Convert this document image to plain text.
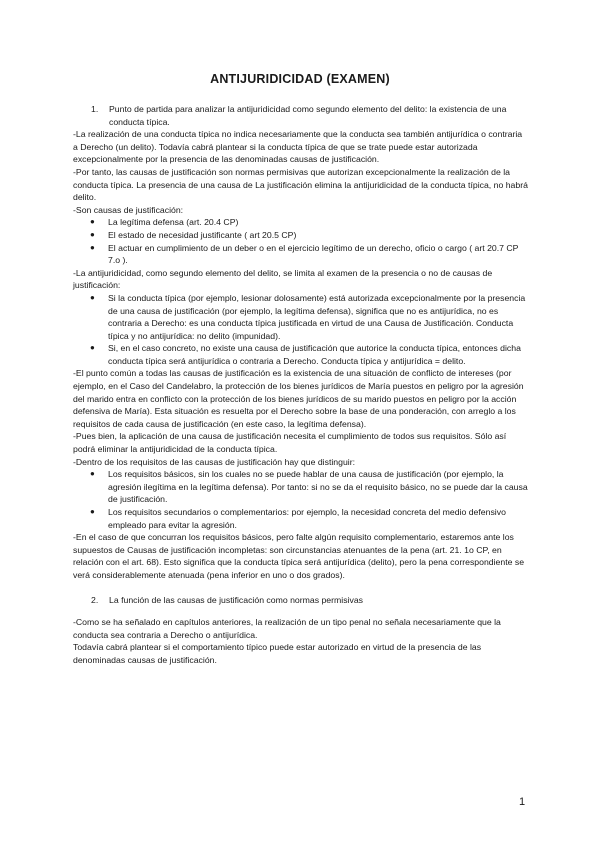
ANTIJURIDICIDAD (EXAMEN)
1. Punto de partida para analizar la antijuridicidad como segundo elemento del delito: la existencia de una conducta típica.
-La realización de una conducta típica no indica necesariamente que la conducta sea también antijurídica o contraria a Derecho (un delito). Todavía cabrá plantear si la conducta típica de que se trate puede estar autorizada excepcionalmente por la presencia de las denominadas causas de justificación.
-Por tanto, las causas de justificación son normas permisivas que autorizan excepcionalmente la realización de la conducta típica. La presencia de una causa de La justificación elimina la antijuridicidad de la conducta típica, no habrá delito.
-Son causas de justificación:
● La legítima defensa (art. 20.4 CP)
● El estado de necesidad justificante ( art 20.5 CP)
● El actuar en cumplimiento de un deber o en el ejercicio legítimo de un derecho, oficio o cargo ( art 20.7 CP 7.o ).
-La antijuridicidad, como segundo elemento del delito, se limita al examen de la presencia o no de causas de justificación:
● Si la conducta típica (por ejemplo, lesionar dolosamente) está autorizada excepcionalmente por la presencia de una causa de justificación (por ejemplo, la legítima defensa), significa que no es antijurídica, no es contraria a Derecho: es una conducta típica justificada en virtud de una Causa de Justificación. Conducta típica y no antijurídica: no delito (impunidad).
● Si, en el caso concreto, no existe una causa de justificación que autorice la conducta típica, entonces dicha conducta típica será antijurídica o contraria a Derecho. Conducta típica y antijurídica = delito.
-El punto común a todas las causas de justificación es la existencia de una situación de conflicto de intereses (por ejemplo, en el Caso del Candelabro, la protección de los bienes jurídicos de María puestos en peligro por la agresión del marido entra en conflicto con la protección de los bienes jurídicos de su marido puestos en peligro por la acción defensiva de María). Esta situación es resuelta por el Derecho sobre la base de una ponderación, con arreglo a los requisitos de cada causa de justificación (en este caso, la legítima defensa).
-Pues bien, la aplicación de una causa de justificación necesita el cumplimiento de todos sus requisitos. Sólo así podrá eliminar la antijuridicidad de la conducta típica.
-Dentro de los requisitos de las causas de justificación hay que distinguir:
● Los requisitos básicos, sin los cuales no se puede hablar de una causa de justificación (por ejemplo, la agresión ilegítima en la legítima defensa). Por tanto: si no se da el requisito básico, no se puede dar la causa de justificación.
● Los requisitos secundarios o complementarios: por ejemplo, la necesidad concreta del medio defensivo empleado para evitar la agresión.
-En el caso de que concurran los requisitos básicos, pero falte algún requisito complementario, estaremos ante los supuestos de Causas de justificación incompletas: son circunstancias atenuantes de la pena (art. 21. 1o CP, en relación con el art. 68). Esto significa que la conducta típica será antijurídica (delito), pero la pena correspondiente se verá considerablemente atenuada (pena inferior en uno o dos grados).
2. La función de las causas de justificación como normas permisivas
-Como se ha señalado en capítulos anteriores, la realización de un tipo penal no señala necesariamente que la conducta sea contraria a Derecho o antijurídica.
Todavía cabrá plantear si el comportamiento típico puede estar autorizado en virtud de la presencia de las denominadas causas de justificación.
1
